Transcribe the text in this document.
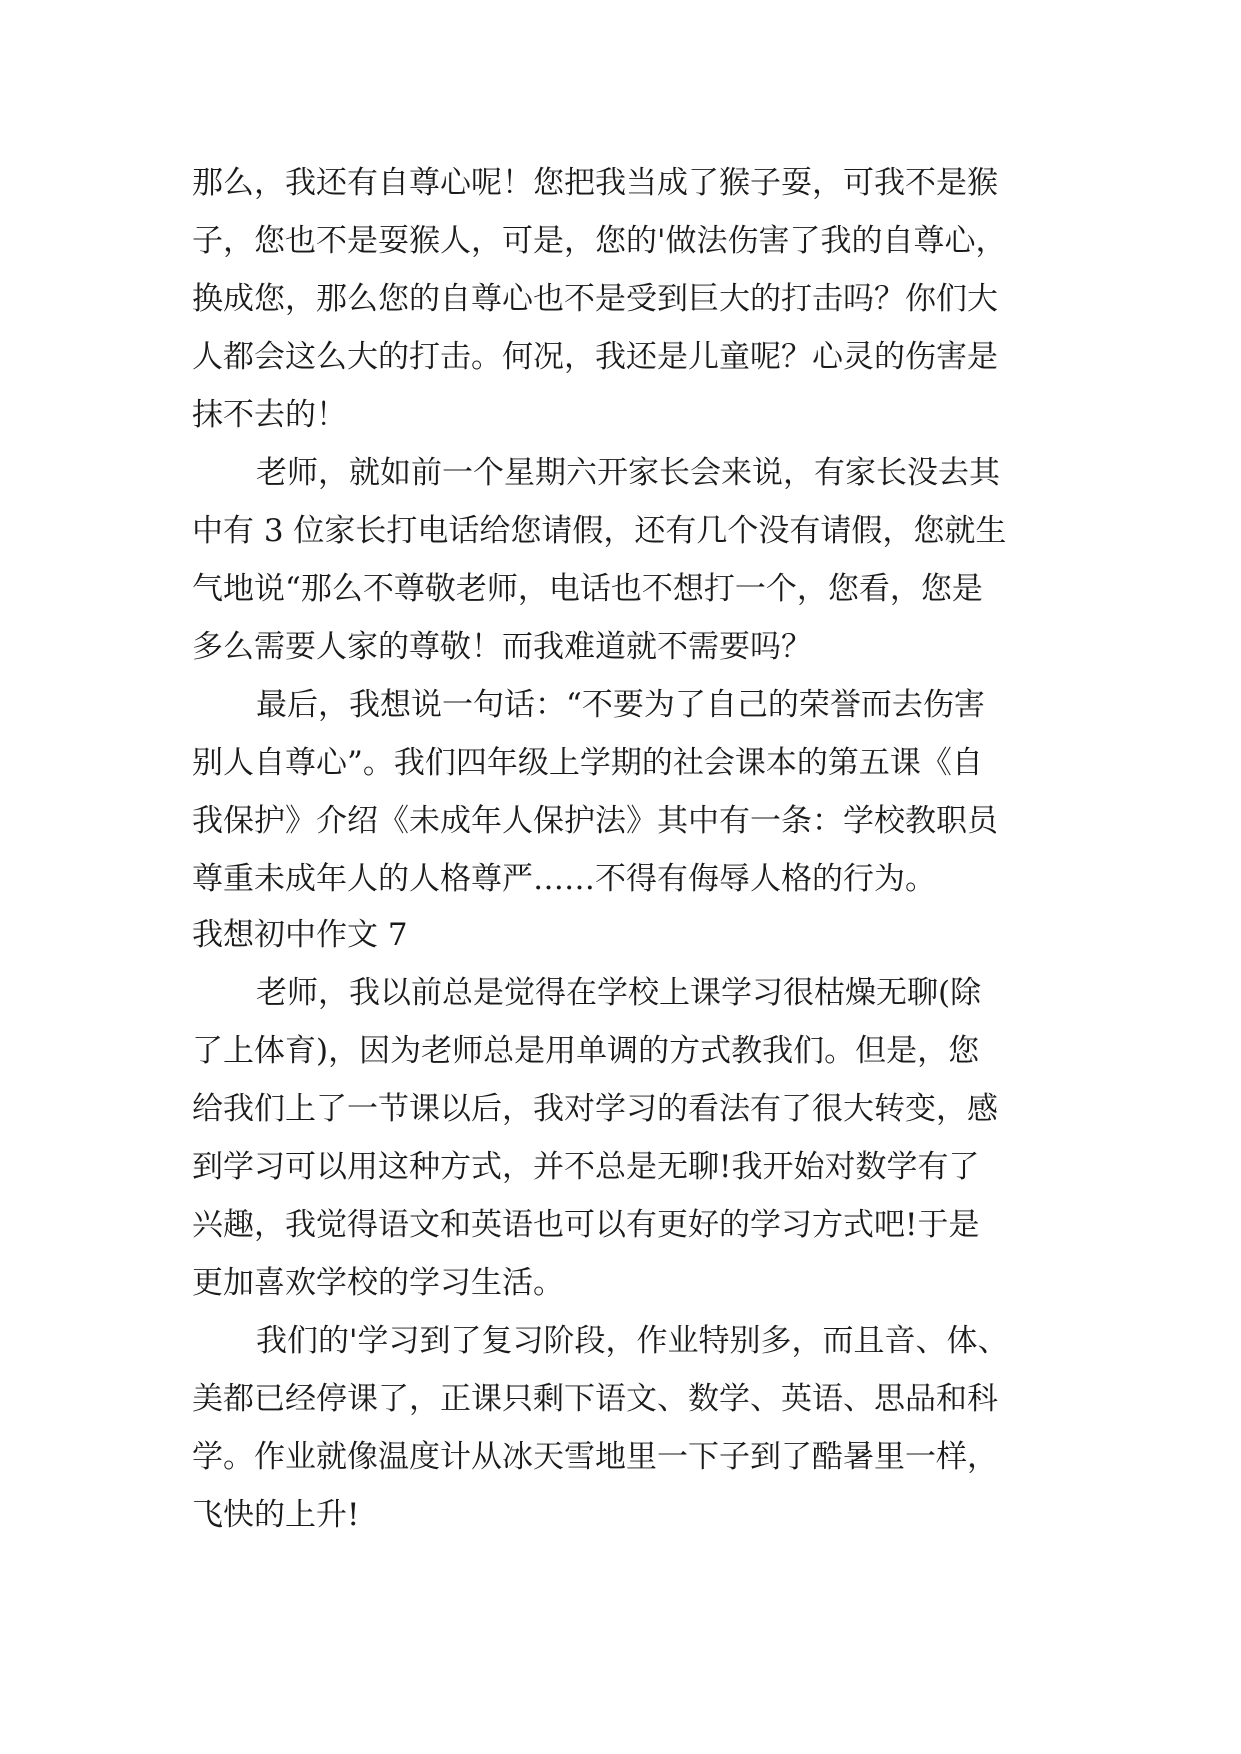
那么，我还有自尊心呢！您把我当成了猴子耍，可我不是猴
子，您也不是耍猴人，可是，您的'做法伤害了我的自尊心，
换成您，那么您的自尊心也不是受到巨大的打击吗？你们大
人都会这么大的打击。何况，我还是儿童呢？心灵的伤害是
抹不去的！
老师，就如前一个星期六开家长会来说，有家长没去其
中有 3 位家长打电话给您请假，还有几个没有请假，您就生
气地说“那么不尊敬老师，电话也不想打一个，您看，您是
多么需要人家的尊敬！而我难道就不需要吗？
最后，我想说一句话：“不要为了自己的荣誉而去伤害
别人自尊心”。我们四年级上学期的社会课本的第五课《自
我保护》介绍《未成年人保护法》其中有一条：学校教职员
尊重未成年人的人格尊严……不得有侮辱人格的行为。
我想初中作文 7
老师，我以前总是觉得在学校上课学习很枯燥无聊(除
了上体育)，因为老师总是用单调的方式教我们。但是，您
给我们上了一节课以后，我对学习的看法有了很大转变，感
到学习可以用这种方式，并不总是无聊!我开始对数学有了
兴趣，我觉得语文和英语也可以有更好的学习方式吧!于是
更加喜欢学校的学习生活。
我们的'学习到了复习阶段，作业特别多，而且音、体、
美都已经停课了，正课只剩下语文、数学、英语、思品和科
学。作业就像温度计从冰天雪地里一下子到了酷暑里一样，
飞快的上升!
